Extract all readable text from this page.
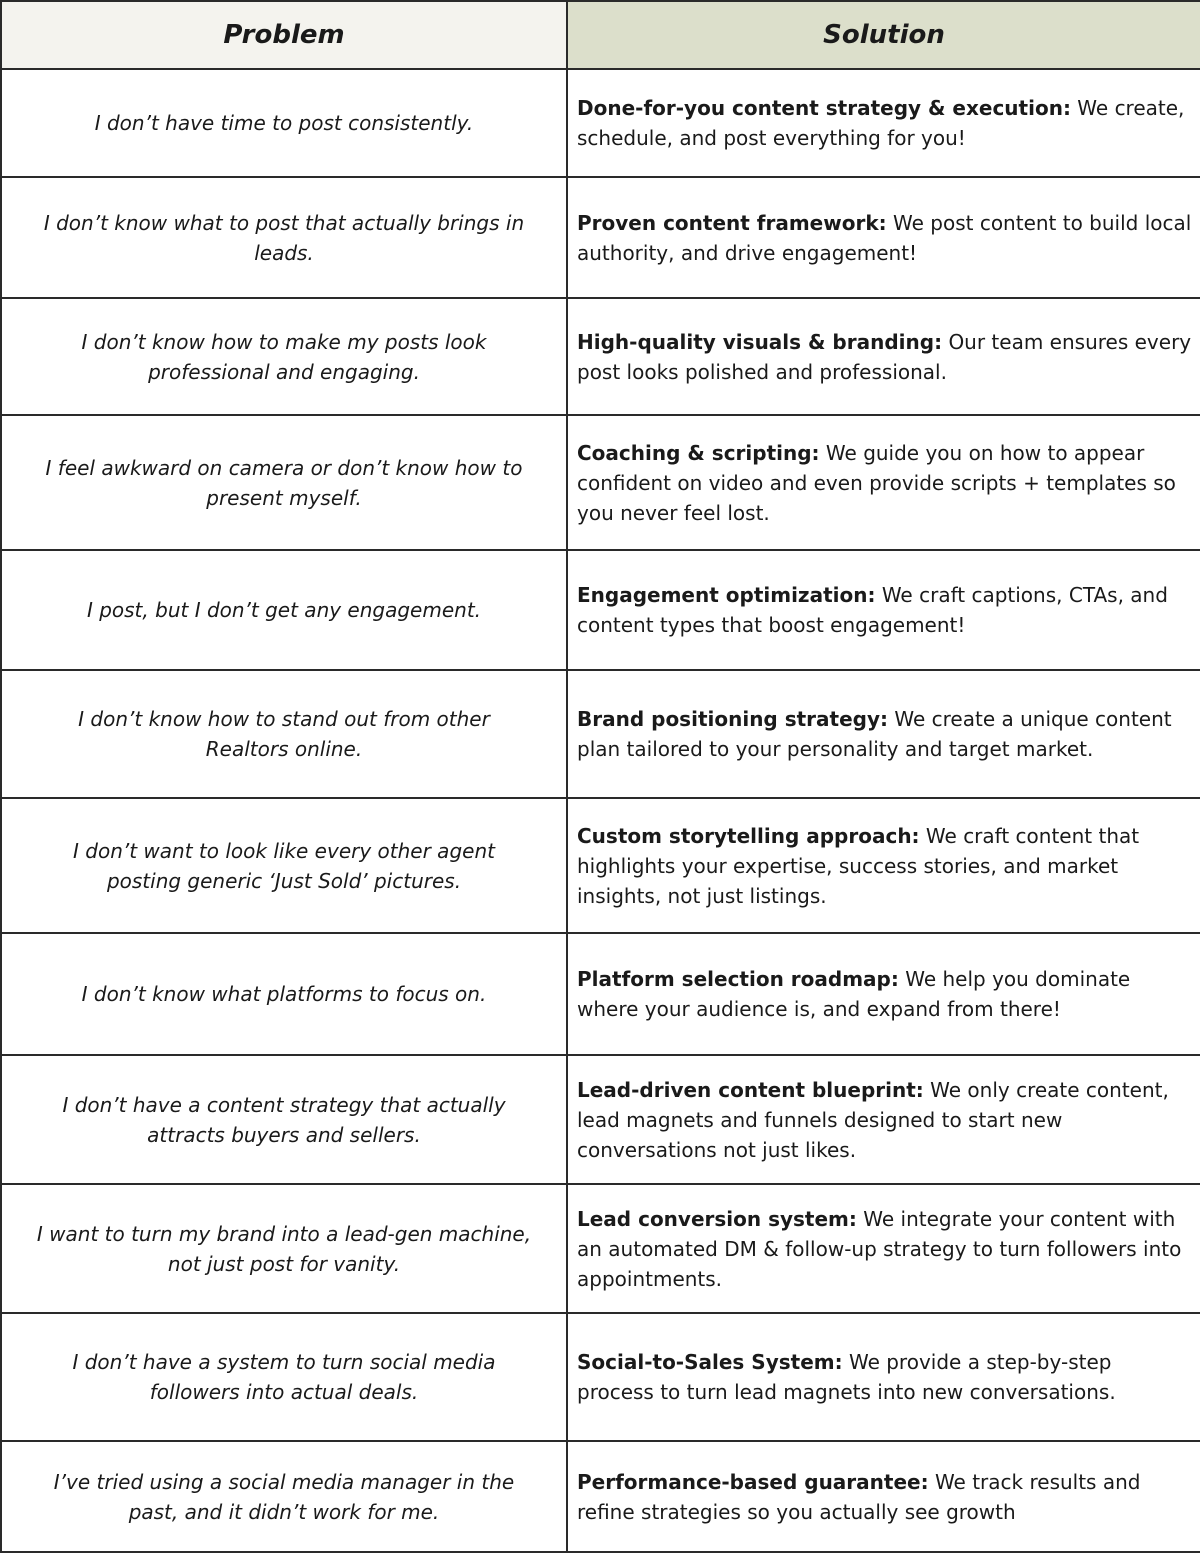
Problem	Solution
I don’t have time to post consistently.	Done-for-you content strategy & execution: We create, schedule, and post everything for you!
I don’t know what to post that actually brings in leads.	Proven content framework: We post content to build local authority, and drive engagement!
I don’t know how to make my posts look professional and engaging.	High-quality visuals & branding: Our team ensures every post looks polished and professional.
I feel awkward on camera or don’t know how to present myself.	Coaching & scripting: We guide you on how to appear confident on video and even provide scripts + templates so you never feel lost.
I post, but I don’t get any engagement.	Engagement optimization: We craft captions, CTAs, and content types that boost engagement!
I don’t know how to stand out from other Realtors online.	Brand positioning strategy: We create a unique content plan tailored to your personality and target market.
I don’t want to look like every other agent posting generic ‘Just Sold’ pictures.	Custom storytelling approach: We craft content that highlights your expertise, success stories, and market insights, not just listings.
I don’t know what platforms to focus on.	Platform selection roadmap: We help you dominate where your audience is, and expand from there!
I don’t have a content strategy that actually attracts buyers and sellers.	Lead-driven content blueprint: We only create content, lead magnets and funnels designed to start new conversations not just likes.
I want to turn my brand into a lead-gen machine, not just post for vanity.	Lead conversion system: We integrate your content with an automated DM & follow-up strategy to turn followers into appointments.
I don’t have a system to turn social media followers into actual deals.	Social-to-Sales System: We provide a step-by-step process to turn lead magnets into new conversations.
I’ve tried using a social media manager in the past, and it didn’t work for me.	Performance-based guarantee: We track results and refine strategies so you actually see growth
